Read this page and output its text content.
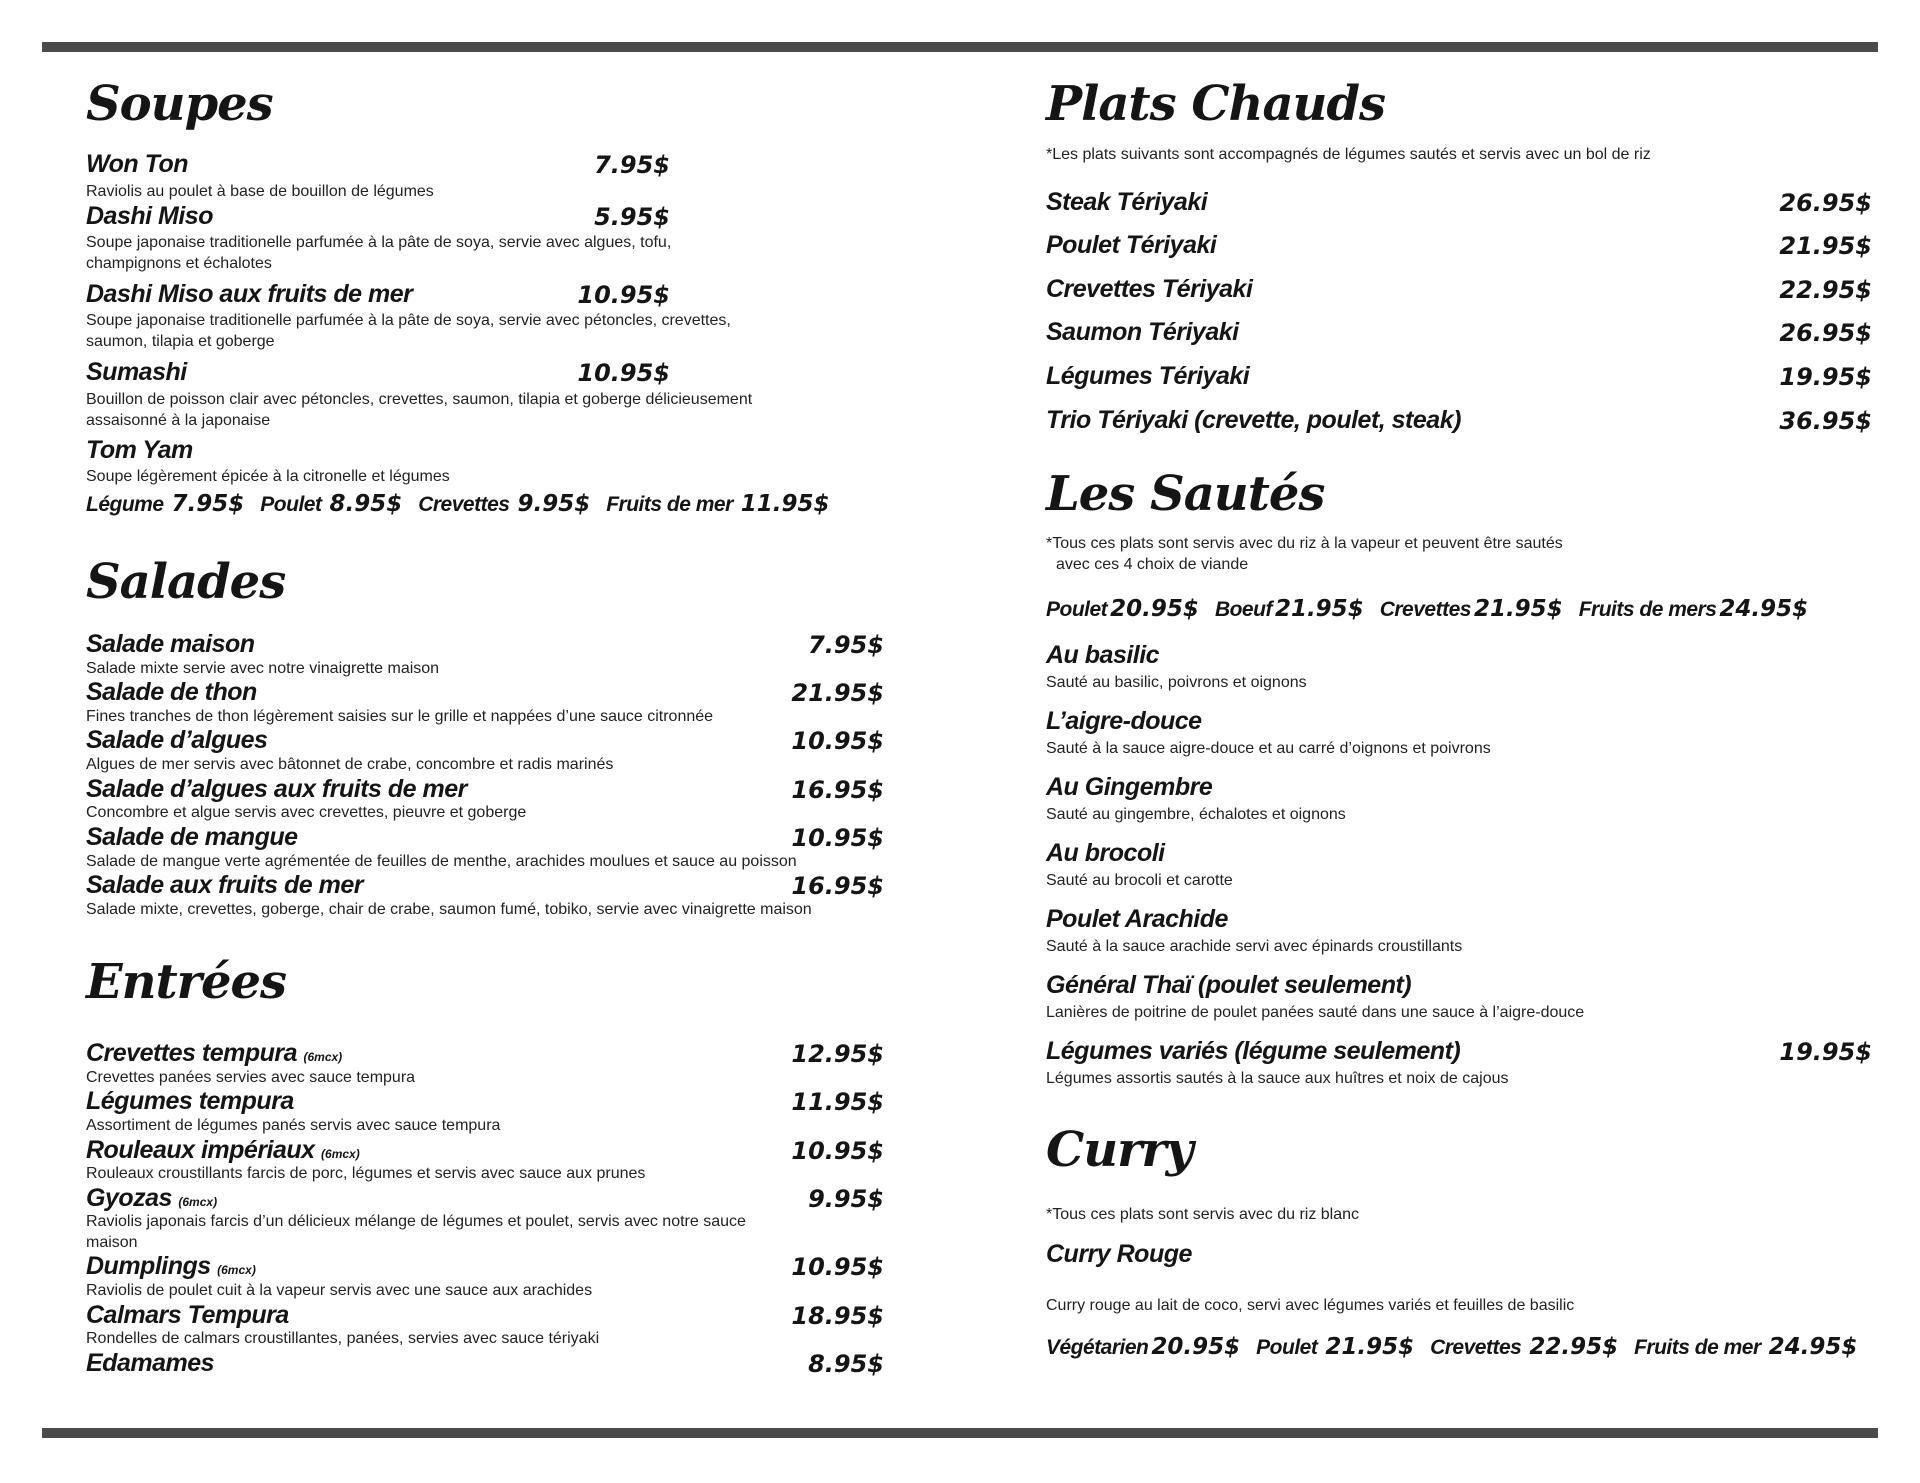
Soupes
Won Ton	7.95$
Raviolis au poulet à base de bouillon de légumes
Dashi Miso	5.95$
Soupe japonaise traditionelle parfumée à la pâte de soya, servie avec algues, tofu, champignons et échalotes
Dashi Miso aux fruits de mer	10.95$
Soupe japonaise traditionelle parfumée à la pâte de soya, servie avec pétoncles, crevettes, saumon, tilapia et goberge
Sumashi	10.95$
Bouillon de poisson clair avec pétoncles, crevettes, saumon, tilapia et goberge délicieusement assaisonné à la japonaise
Tom Yam
Soupe légèrement épicée à la citronelle et légumes
Légume 7.95$ Poulet 8.95$ Crevettes 9.95$ Fruits de mer 11.95$
Salades
Salade maison	7.95$
Salade mixte servie avec notre vinaigrette maison
Salade de thon	21.95$
Fines tranches de thon légèrement saisies sur le grille et nappées d’une sauce citronnée
Salade d’algues	10.95$
Algues de mer servis avec bâtonnet de crabe, concombre et radis marinés
Salade d’algues aux fruits de mer	16.95$
Concombre et algue servis avec crevettes, pieuvre et goberge
Salade de mangue	10.95$
Salade de mangue verte agrémentée de feuilles de menthe, arachides moulues et sauce au poisson
Salade aux fruits de mer	16.95$
Salade mixte, crevettes, goberge, chair de crabe, saumon fumé, tobiko, servie avec vinaigrette maison
Entrées
Crevettes tempura (6mcx)	12.95$
Crevettes panées servies avec sauce tempura
Légumes tempura	11.95$
Assortiment de légumes panés servis avec sauce tempura
Rouleaux impériaux (6mcx)	10.95$
Rouleaux croustillants farcis de porc, légumes et servis avec sauce aux prunes
Gyozas (6mcx)	9.95$
Raviolis japonais farcis d’un délicieux mélange de légumes et poulet, servis avec notre sauce maison
Dumplings (6mcx)	10.95$
Raviolis de poulet cuit à la vapeur servis avec une sauce aux arachides
Calmars Tempura	18.95$
Rondelles de calmars croustillantes, panées, servies avec sauce tériyaki
Edamames	8.95$
Plats Chauds
*Les plats suivants sont accompagnés de légumes sautés et servis avec un bol de riz
Steak Tériyaki	26.95$
Poulet Tériyaki	21.95$
Crevettes Tériyaki	22.95$
Saumon Tériyaki	26.95$
Légumes Tériyaki	19.95$
Trio Tériyaki (crevette, poulet, steak)	36.95$
Les Sautés
*Tous ces plats sont servis avec du riz à la vapeur et peuvent être sautés
avec ces 4 choix de viande
Poulet 20.95$ Boeuf 21.95$ Crevettes 21.95$ Fruits de mers 24.95$
Au basilic
Sauté au basilic, poivrons et oignons
L’aigre-douce
Sauté à la sauce aigre-douce et au carré d’oignons et poivrons
Au Gingembre
Sauté au gingembre, échalotes et oignons
Au brocoli
Sauté au brocoli et carotte
Poulet Arachide
Sauté à la sauce arachide servi avec épinards croustillants
Général Thaï (poulet seulement)
Lanières de poitrine de poulet panées sauté dans une sauce à l’aigre-douce
Légumes variés (légume seulement)	19.95$
Légumes assortis sautés à la sauce aux huîtres et noix de cajous
Curry
*Tous ces plats sont servis avec du riz blanc
Curry Rouge
Curry rouge au lait de coco, servi avec légumes variés et feuilles de basilic
Végétarien 20.95$ Poulet 21.95$ Crevettes 22.95$ Fruits de mer 24.95$
